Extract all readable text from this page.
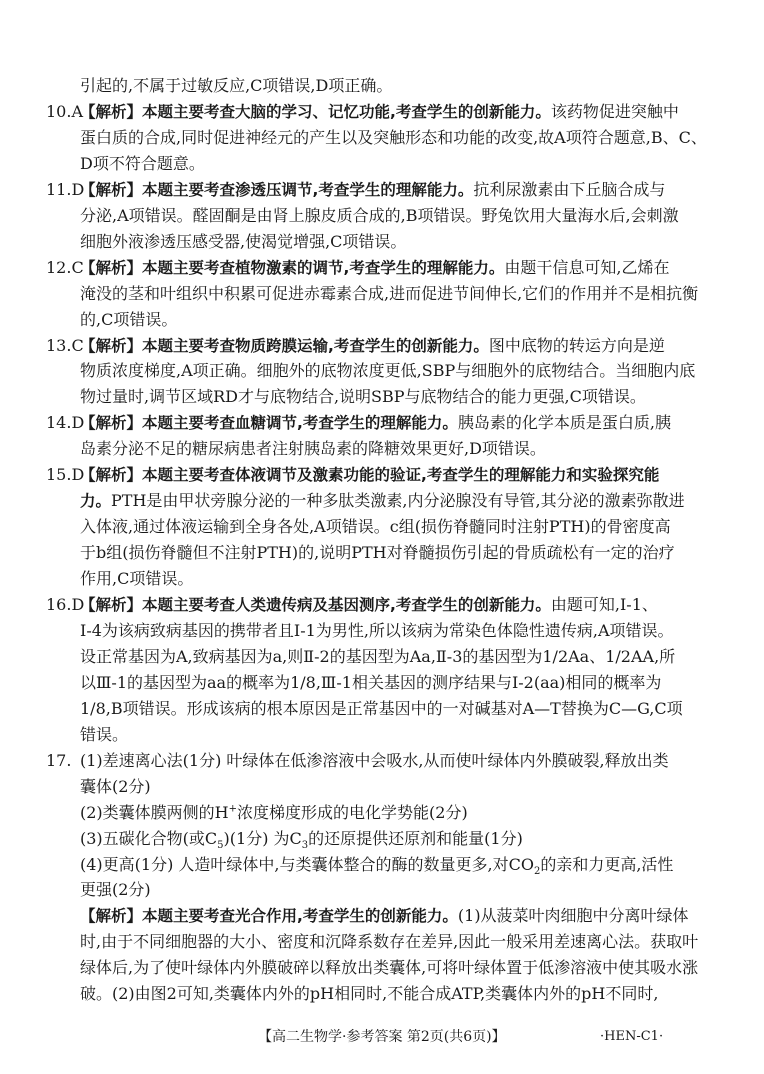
引起的,不属于过敏反应,C项错误,D项正确。
10.A【解析】本题主要考查大脑的学习、记忆功能,考查学生的创新能力。该药物促进突触中
蛋白质的合成,同时促进神经元的产生以及突触形态和功能的改变,故A项符合题意,B、C、
D项不符合题意。
11.D【解析】本题主要考查渗透压调节,考查学生的理解能力。抗利尿激素由下丘脑合成与
分泌,A项错误。醛固酮是由肾上腺皮质合成的,B项错误。野兔饮用大量海水后,会刺激
细胞外液渗透压感受器,使渴觉增强,C项错误。
12.C【解析】本题主要考查植物激素的调节,考查学生的理解能力。由题干信息可知,乙烯在
淹没的茎和叶组织中积累可促进赤霉素合成,进而促进节间伸长,它们的作用并不是相抗衡
的,C项错误。
13.C【解析】本题主要考查物质跨膜运输,考查学生的创新能力。图中底物的转运方向是逆
物质浓度梯度,A项正确。细胞外的底物浓度更低,SBP与细胞外的底物结合。当细胞内底
物过量时,调节区域RD才与底物结合,说明SBP与底物结合的能力更强,C项错误。
14.D【解析】本题主要考查血糖调节,考查学生的理解能力。胰岛素的化学本质是蛋白质,胰
岛素分泌不足的糖尿病患者注射胰岛素的降糖效果更好,D项错误。
15.D【解析】本题主要考查体液调节及激素功能的验证,考查学生的理解能力和实验探究能
力。PTH是由甲状旁腺分泌的一种多肽类激素,内分泌腺没有导管,其分泌的激素弥散进
入体液,通过体液运输到全身各处,A项错误。c组(损伤脊髓同时注射PTH)的骨密度高
于b组(损伤脊髓但不注射PTH)的,说明PTH对脊髓损伤引起的骨质疏松有一定的治疗
作用,C项错误。
16.D【解析】本题主要考查人类遗传病及基因测序,考查学生的创新能力。由题可知,Ⅰ-1、
Ⅰ-4为该病致病基因的携带者且Ⅰ-1为男性,所以该病为常染色体隐性遗传病,A项错误。
设正常基因为A,致病基因为a,则Ⅱ-2的基因型为Aa,Ⅱ-3的基因型为1/2Aa、1/2AA,所
以Ⅲ-1的基因型为aa的概率为1/8,Ⅲ-1相关基因的测序结果与Ⅰ-2(aa)相同的概率为
1/8,B项错误。形成该病的根本原因是正常基因中的一对碱基对A—T替换为C—G,C项
错误。
17. (1)差速离心法(1分) 叶绿体在低渗溶液中会吸水,从而使叶绿体内外膜破裂,释放出类
囊体(2分)
(2)类囊体膜两侧的H+浓度梯度形成的电化学势能(2分)
(3)五碳化合物(或$C_5)(1$分) 为$C_3$的还原提供还原剂和能量(1分)
(4)更高(1分) 人造叶绿体中,与类囊体整合的酶的数量更多,对$CO_2$的亲和力更高,活性
更强(2分)
【解析】本题主要考查光合作用,考查学生的创新能力。(1)从菠菜叶肉细胞中分离叶绿体
时,由于不同细胞器的大小、密度和沉降系数存在差异,因此一般采用差速离心法。获取叶
绿体后,为了使叶绿体内外膜破碎以释放出类囊体,可将叶绿体置于低渗溶液中使其吸水涨
破。(2)由图2可知,类囊体内外的pH相同时,不能合成ATP,类囊体内外的pH不同时,
【高二生物学·参考答案 第2页(共6页)】	·HEN-C1·
